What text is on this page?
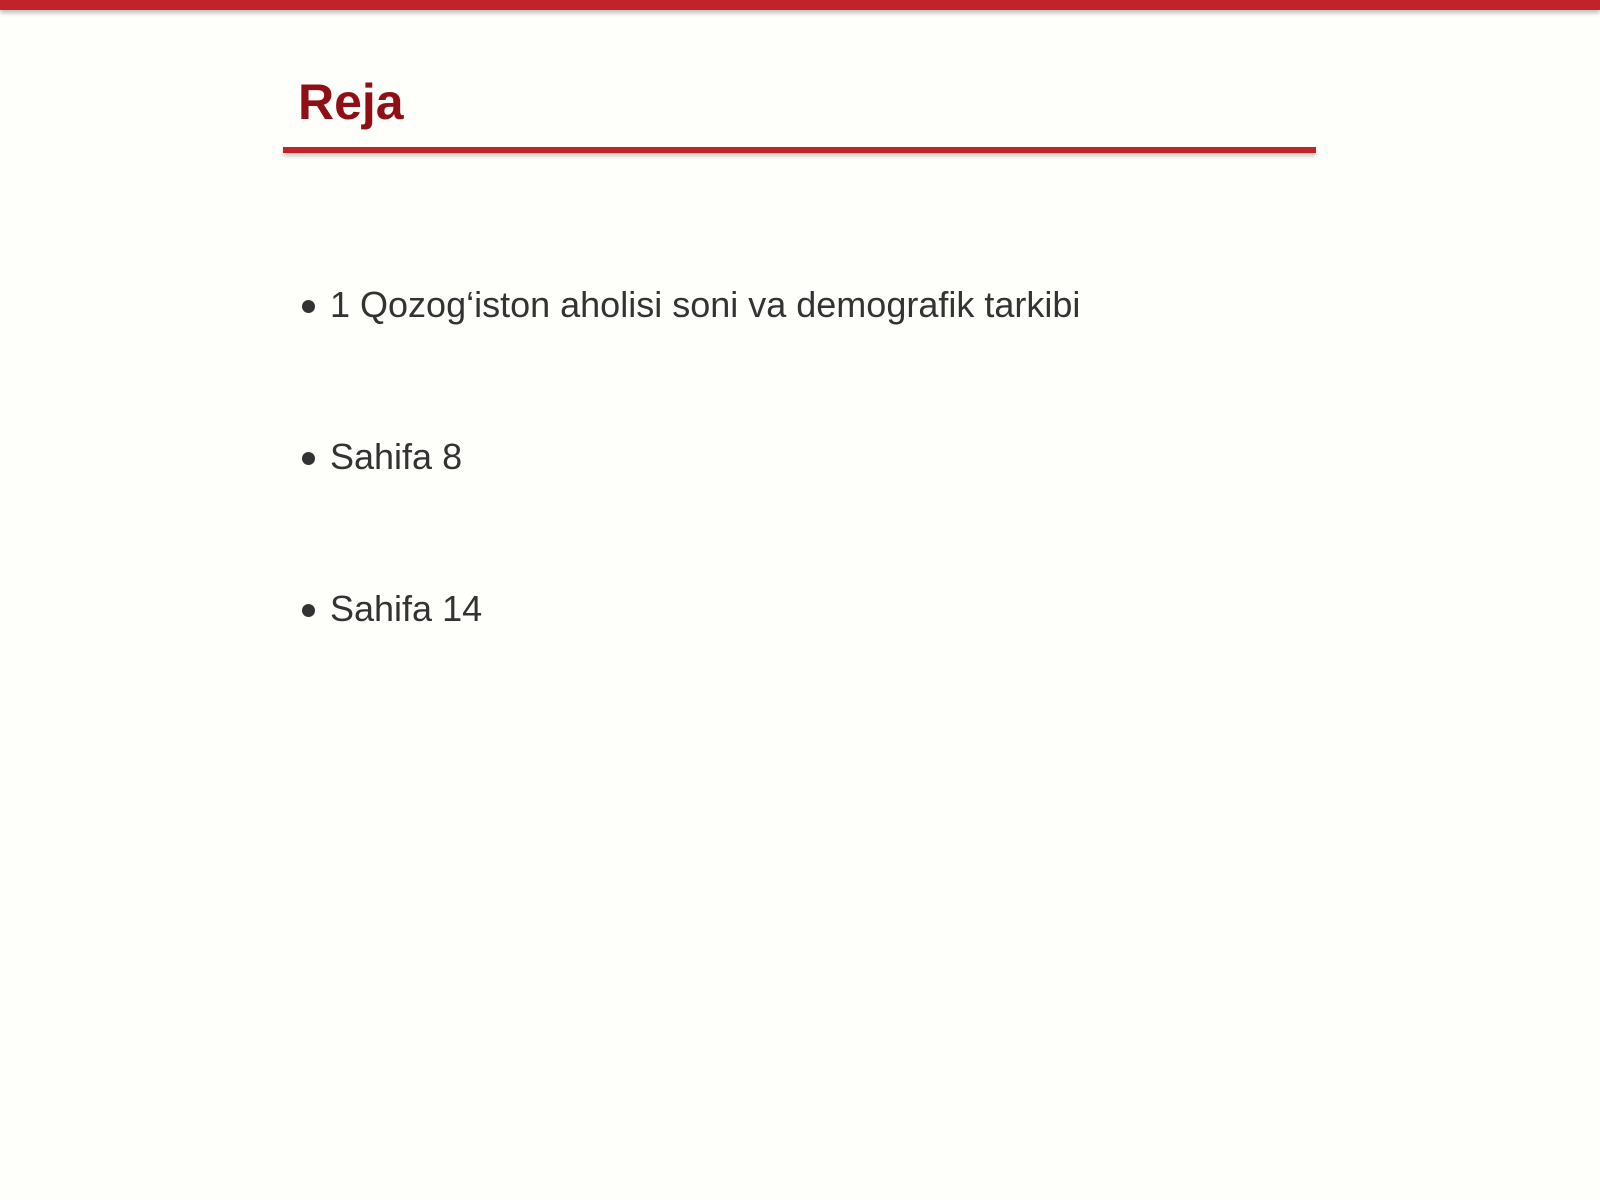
Reja
1 Qozog‘iston aholisi soni va demografik tarkibi
Sahifa 8
Sahifa 14
